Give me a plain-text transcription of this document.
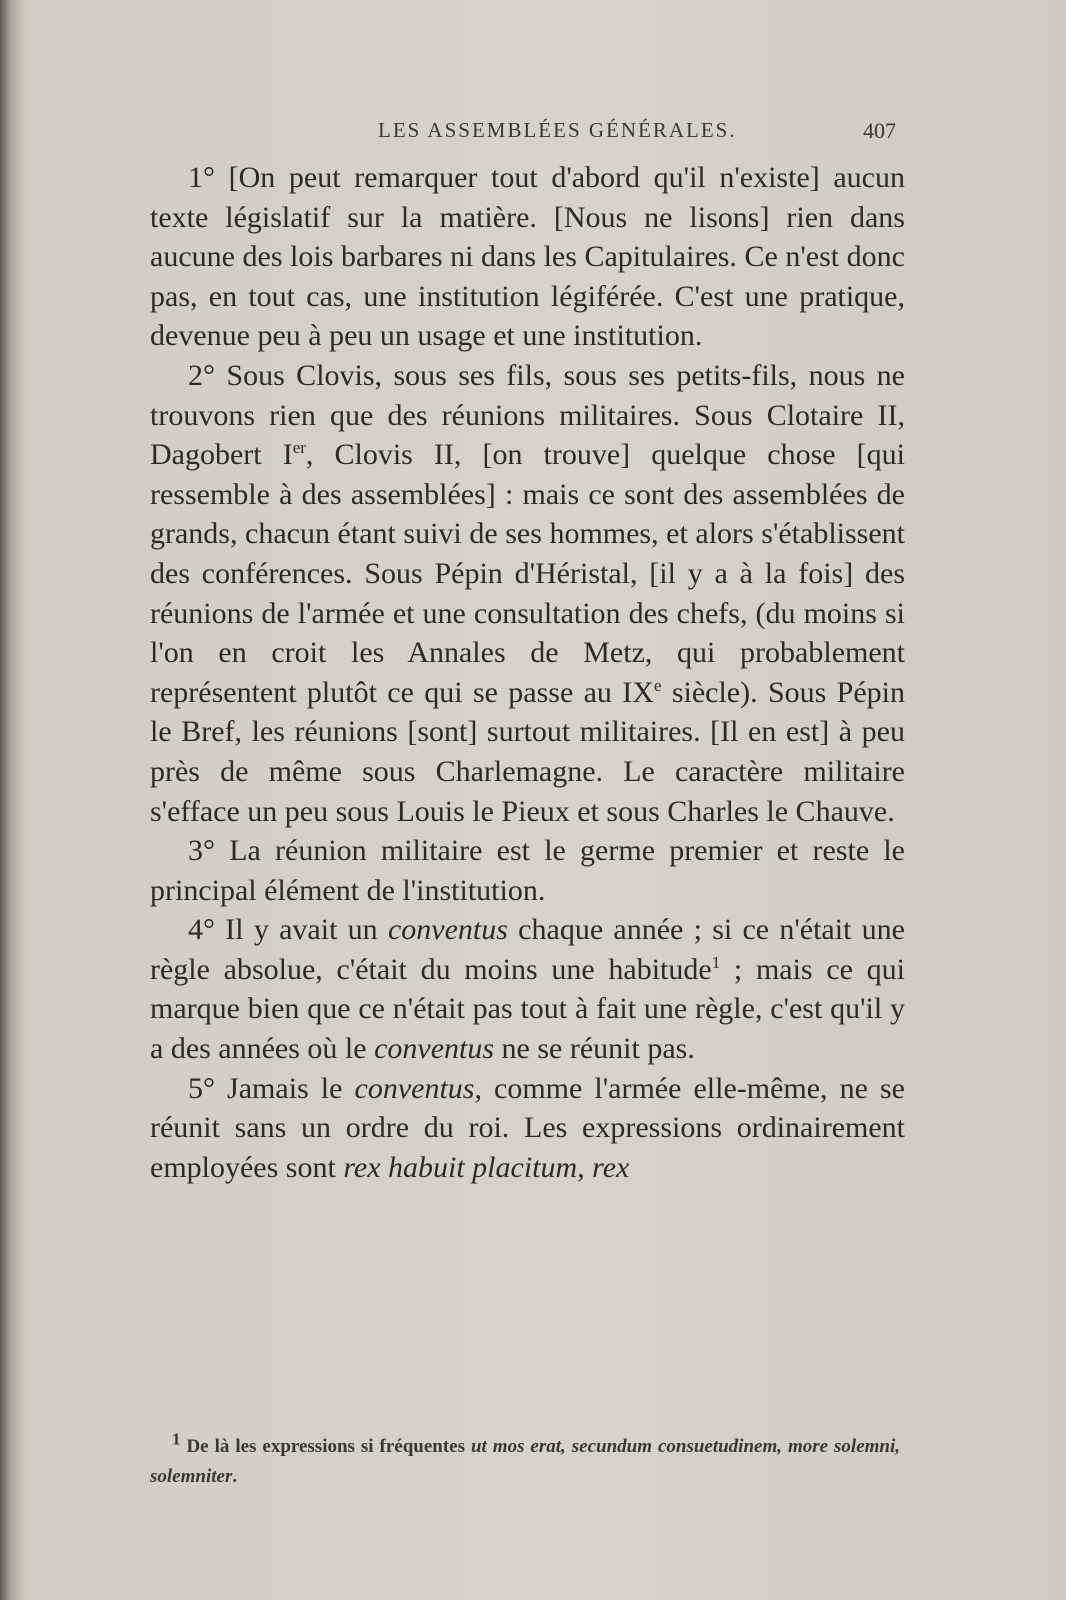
LES ASSEMBLÉES GÉNÉRALES.	407

1° [On peut remarquer tout d'abord qu'il n'existe] aucun texte législatif sur la matière. [Nous ne lisons] rien dans aucune des lois barbares ni dans les Capitulaires. Ce n'est donc pas, en tout cas, une institution légiférée. C'est une pratique, devenue peu à peu un usage et une institution.

2° Sous Clovis, sous ses fils, sous ses petits-fils, nous ne trouvons rien que des réunions militaires. Sous Clotaire II, Dagobert Ier, Clovis II, [on trouve] quelque chose [qui ressemble à des assemblées] : mais ce sont des assemblées de grands, chacun étant suivi de ses hommes, et alors s'établissent des conférences. Sous Pépin d'Héristal, [il y a à la fois] des réunions de l'armée et une consultation des chefs, (du moins si l'on en croit les Annales de Metz, qui probablement représentent plutôt ce qui se passe au IXe siècle). Sous Pépin le Bref, les réunions [sont] surtout militaires. [Il en est] à peu près de même sous Charlemagne. Le caractère militaire s'efface un peu sous Louis le Pieux et sous Charles le Chauve.

3° La réunion militaire est le germe premier et reste le principal élément de l'institution.

4° Il y avait un conventus chaque année ; si ce n'était une règle absolue, c'était du moins une habitude$^1$ ; mais ce qui marque bien que ce n'était pas tout à fait une règle, c'est qu'il y a des années où le conventus ne se réunit pas.

5° Jamais le conventus, comme l'armée elle-même, ne se réunit sans un ordre du roi. Les expressions ordinairement employées sont rex habuit placitum, rex

$^1$ De là les expressions si fréquentes ut mos erat, secundum consuetudinem, more solemni, solemniter.
